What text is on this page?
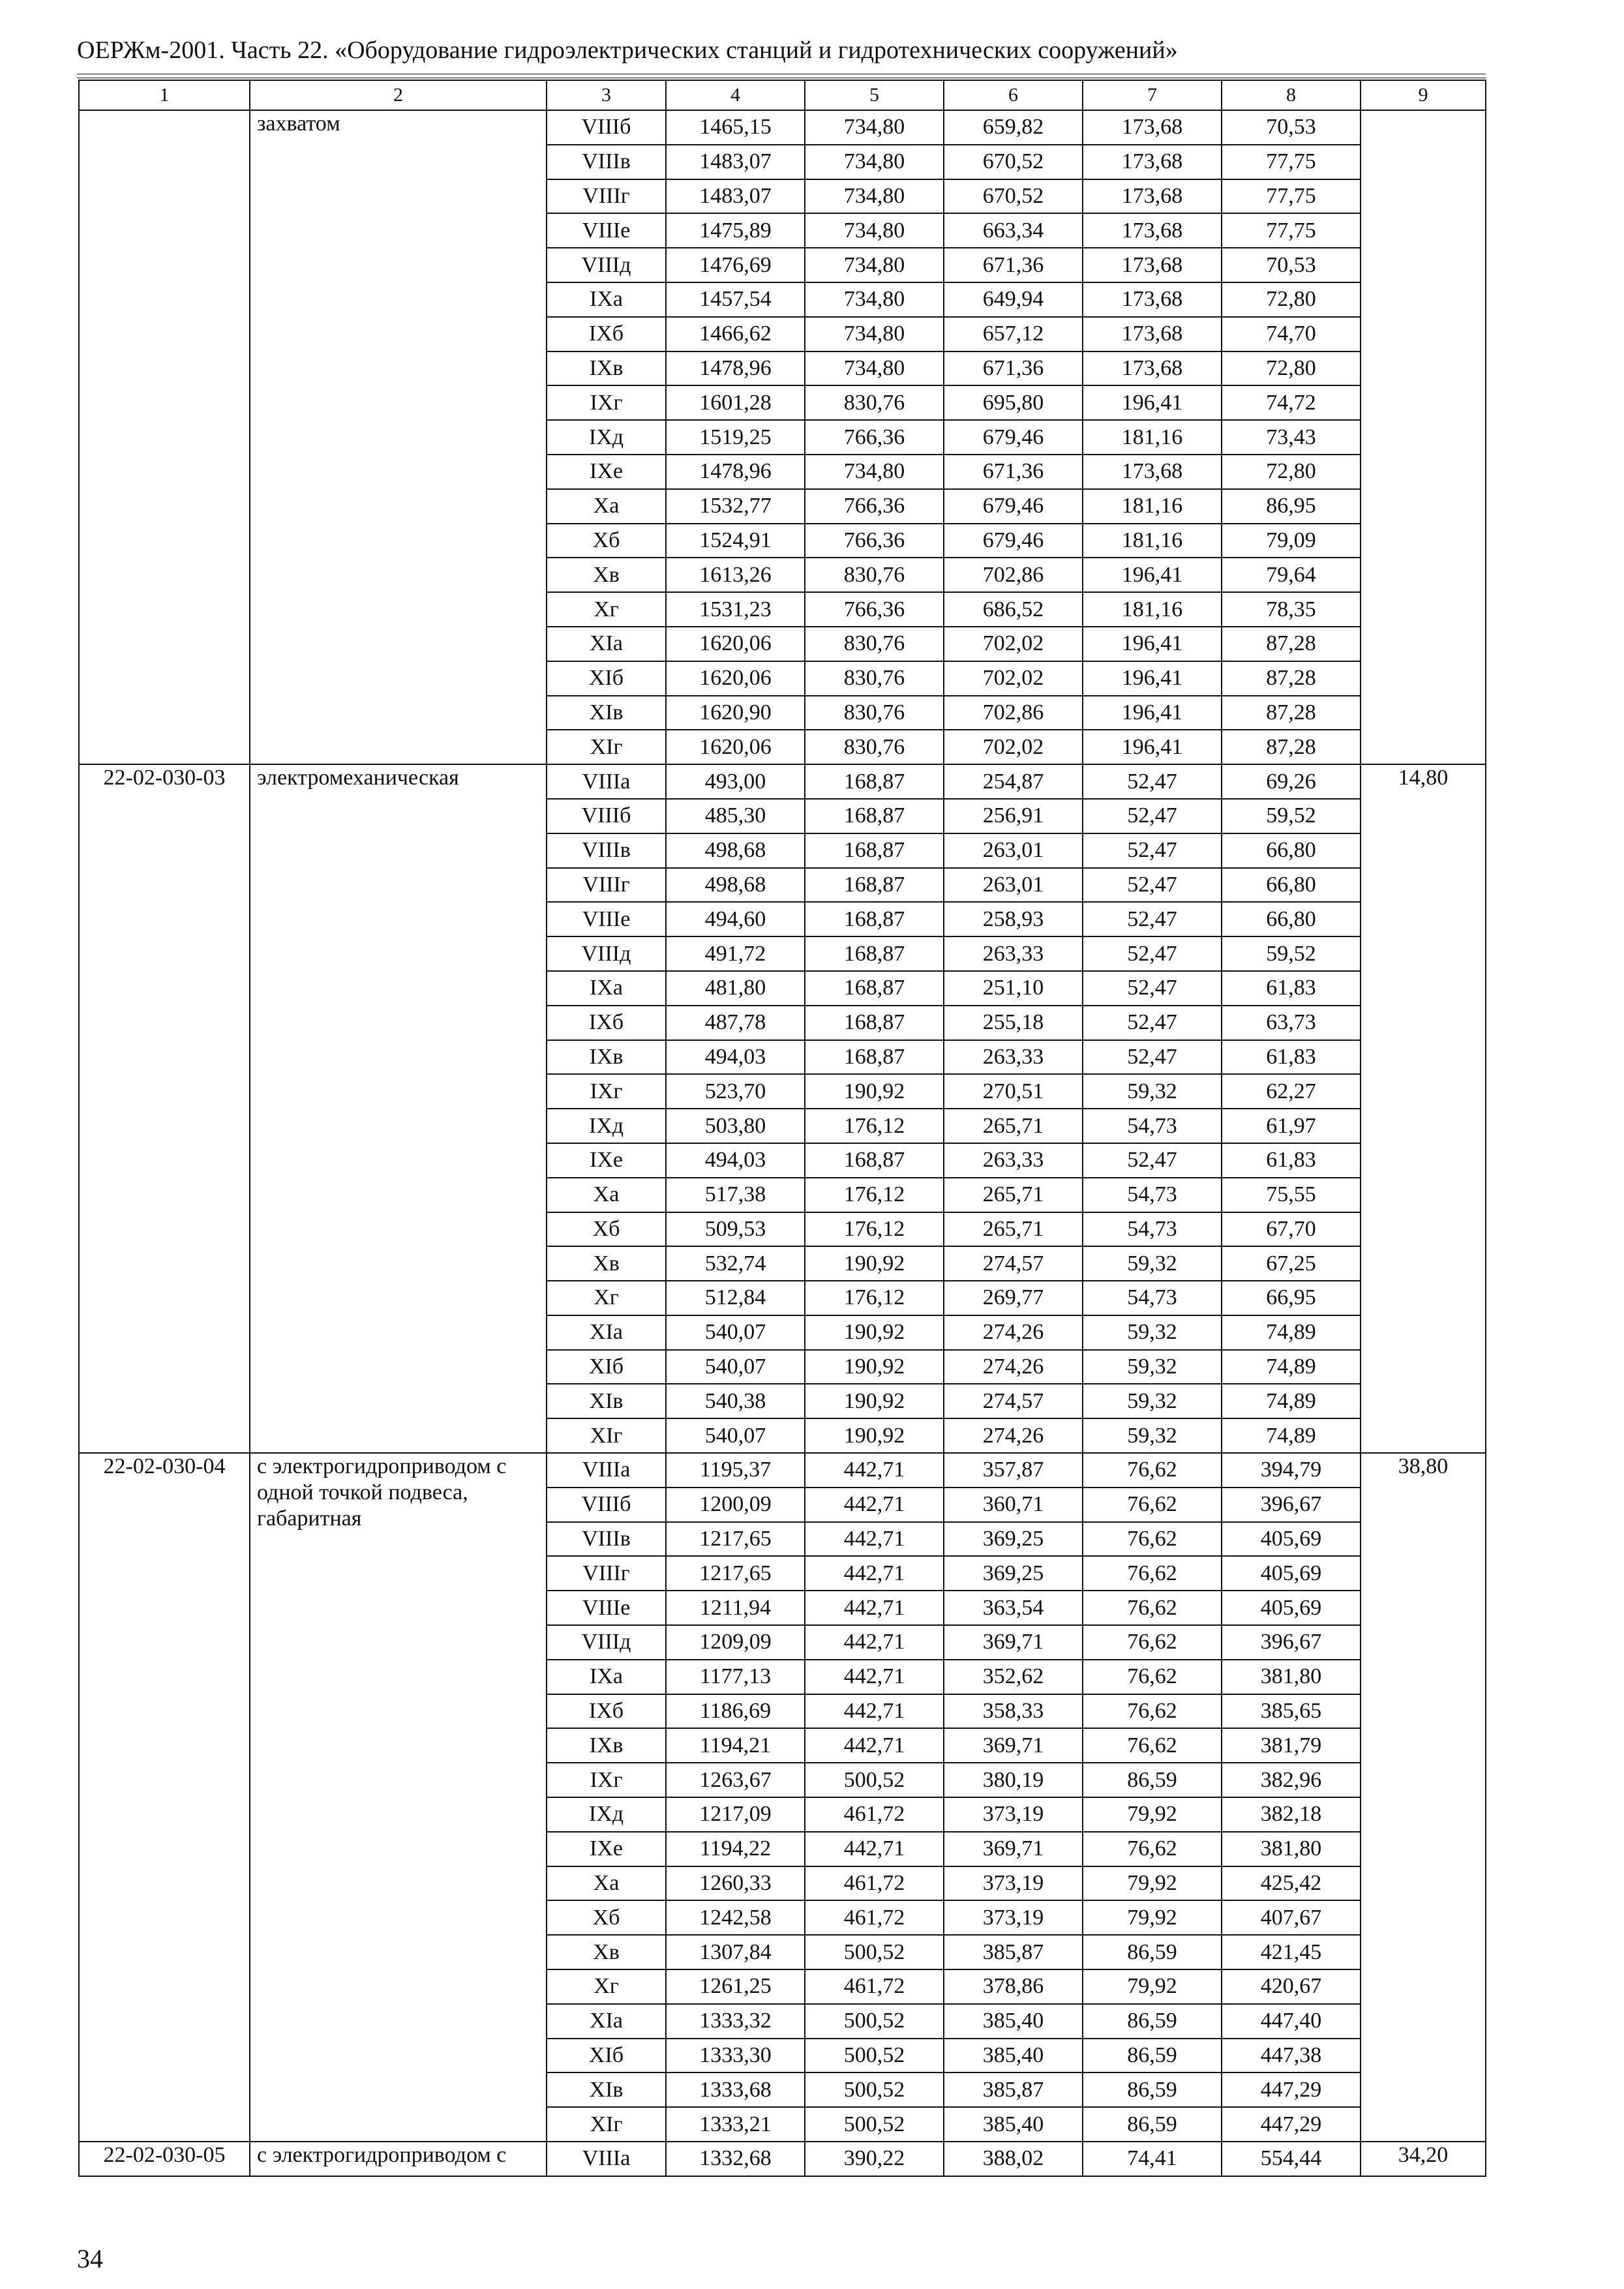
ОЕРЖм-2001. Часть 22. «Оборудование гидроэлектрических станций и гидротехнических сооружений»
1	2	3	4	5	6	7	8	9
	захватом	VIIIб	1465,15	734,80	659,82	173,68	70,53	
		VIIIв	1483,07	734,80	670,52	173,68	77,75	
		VIIIг	1483,07	734,80	670,52	173,68	77,75	
		VIIIе	1475,89	734,80	663,34	173,68	77,75	
		VIIIд	1476,69	734,80	671,36	173,68	70,53	
		IXа	1457,54	734,80	649,94	173,68	72,80	
		IXб	1466,62	734,80	657,12	173,68	74,70	
		IXв	1478,96	734,80	671,36	173,68	72,80	
		IXг	1601,28	830,76	695,80	196,41	74,72	
		IXд	1519,25	766,36	679,46	181,16	73,43	
		IXе	1478,96	734,80	671,36	173,68	72,80	
		Xа	1532,77	766,36	679,46	181,16	86,95	
		Xб	1524,91	766,36	679,46	181,16	79,09	
		Xв	1613,26	830,76	702,86	196,41	79,64	
		Xг	1531,23	766,36	686,52	181,16	78,35	
		XIа	1620,06	830,76	702,02	196,41	87,28	
		XIб	1620,06	830,76	702,02	196,41	87,28	
		XIв	1620,90	830,76	702,86	196,41	87,28	
		XIг	1620,06	830,76	702,02	196,41	87,28	
22-02-030-03	электромеханическая	VIIIа	493,00	168,87	254,87	52,47	69,26	14,80
		VIIIб	485,30	168,87	256,91	52,47	59,52	
		VIIIв	498,68	168,87	263,01	52,47	66,80	
		VIIIг	498,68	168,87	263,01	52,47	66,80	
		VIIIе	494,60	168,87	258,93	52,47	66,80	
		VIIIд	491,72	168,87	263,33	52,47	59,52	
		IXа	481,80	168,87	251,10	52,47	61,83	
		IXб	487,78	168,87	255,18	52,47	63,73	
		IXв	494,03	168,87	263,33	52,47	61,83	
		IXг	523,70	190,92	270,51	59,32	62,27	
		IXд	503,80	176,12	265,71	54,73	61,97	
		IXе	494,03	168,87	263,33	52,47	61,83	
		Xа	517,38	176,12	265,71	54,73	75,55	
		Xб	509,53	176,12	265,71	54,73	67,70	
		Xв	532,74	190,92	274,57	59,32	67,25	
		Xг	512,84	176,12	269,77	54,73	66,95	
		XIа	540,07	190,92	274,26	59,32	74,89	
		XIб	540,07	190,92	274,26	59,32	74,89	
		XIв	540,38	190,92	274,57	59,32	74,89	
		XIг	540,07	190,92	274,26	59,32	74,89	
22-02-030-04	с электрогидроприводом с одной точкой подвеса, габаритная	VIIIа	1195,37	442,71	357,87	76,62	394,79	38,80
		VIIIб	1200,09	442,71	360,71	76,62	396,67	
		VIIIв	1217,65	442,71	369,25	76,62	405,69	
		VIIIг	1217,65	442,71	369,25	76,62	405,69	
		VIIIе	1211,94	442,71	363,54	76,62	405,69	
		VIIIд	1209,09	442,71	369,71	76,62	396,67	
		IXа	1177,13	442,71	352,62	76,62	381,80	
		IXб	1186,69	442,71	358,33	76,62	385,65	
		IXв	1194,21	442,71	369,71	76,62	381,79	
		IXг	1263,67	500,52	380,19	86,59	382,96	
		IXд	1217,09	461,72	373,19	79,92	382,18	
		IXе	1194,22	442,71	369,71	76,62	381,80	
		Xа	1260,33	461,72	373,19	79,92	425,42	
		Xб	1242,58	461,72	373,19	79,92	407,67	
		Xв	1307,84	500,52	385,87	86,59	421,45	
		Xг	1261,25	461,72	378,86	79,92	420,67	
		XIа	1333,32	500,52	385,40	86,59	447,40	
		XIб	1333,30	500,52	385,40	86,59	447,38	
		XIв	1333,68	500,52	385,87	86,59	447,29	
		XIг	1333,21	500,52	385,40	86,59	447,29	
22-02-030-05	с электрогидроприводом с	VIIIа	1332,68	390,22	388,02	74,41	554,44	34,20
34
